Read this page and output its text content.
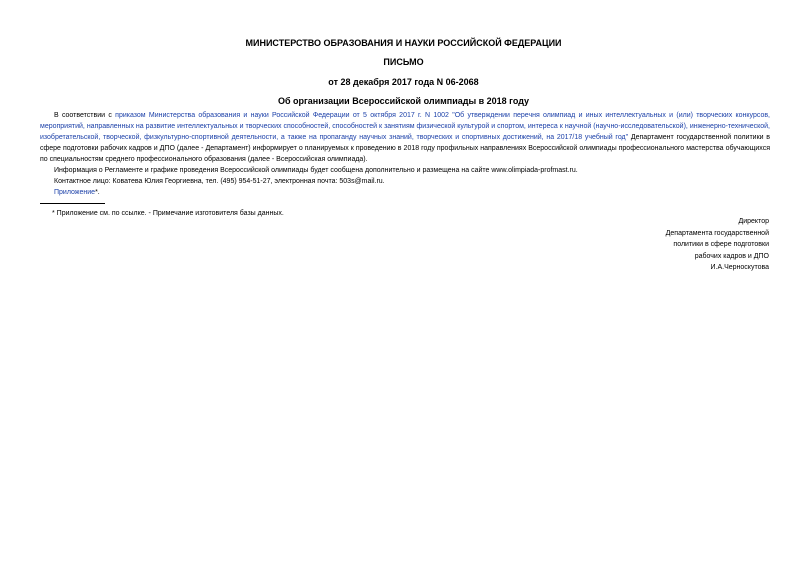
МИНИСТЕРСТВО ОБРАЗОВАНИЯ И НАУКИ РОССИЙСКОЙ ФЕДЕРАЦИИ
ПИСЬМО
от 28 декабря 2017 года N 06-2068
Об организации Всероссийской олимпиады в 2018 году

В соответствии с приказом Министерства образования и науки Российской Федерации от 5 октября 2017 г. N 1002 "Об утверждении перечня олимпиад и иных интеллектуальных и (или) творческих конкурсов, мероприятий, направленных на развитие интеллектуальных и творческих способностей, способностей к занятиям физической культурой и спортом, интереса к научной (научно-исследовательской), инженерно-технической, изобретательской, творческой, физкультурно-спортивной деятельности, а также на пропаганду научных знаний, творческих и спортивных достижений, на 2017/18 учебный год" Департамент государственной политики в сфере подготовки рабочих кадров и ДПО (далее - Департамент) информирует о планируемых к проведению в 2018 году профильных направлениях Всероссийской олимпиады профессионального мастерства обучающихся по специальностям среднего профессионального образования (далее - Всероссийская олимпиада).

Информация о Регламенте и графике проведения Всероссийской олимпиады будет сообщена дополнительно и размещена на сайте www.olimpiada-profmast.ru.

Контактное лицо: Коватева Юлия Георгиевна, тел. (495) 954-51-27, электронная почта: 503s@mail.ru.

Приложение*.

* Приложение см. по ссылке. - Примечание изготовителя базы данных.
Директор
Департамента государственной
политики в сфере подготовки
рабочих кадров и ДПО
И.А.Черноскутова
